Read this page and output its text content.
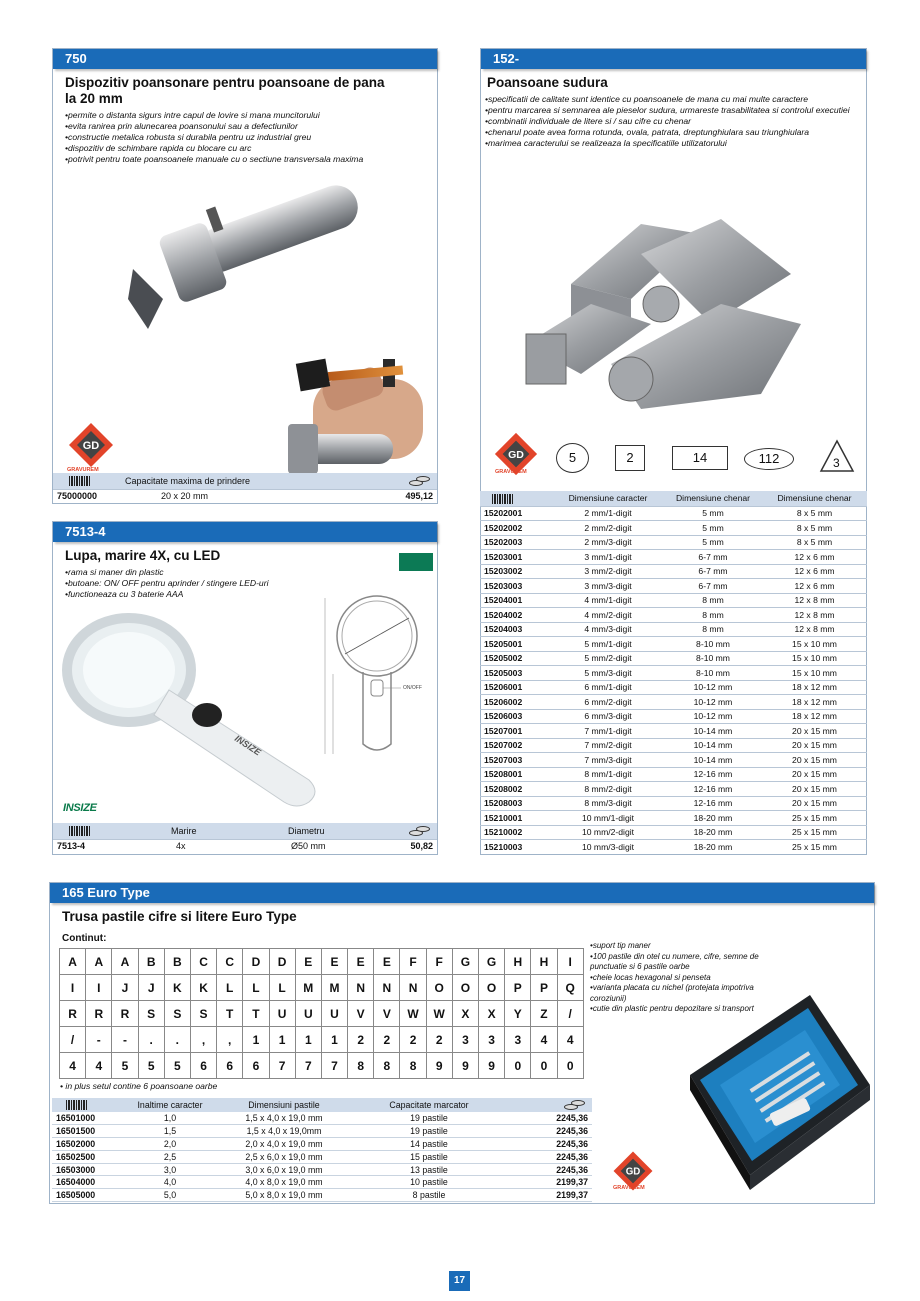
750
Dispozitiv poansonare pentru poansoane de pana la 20 mm
• permite o distanta sigurs intre capul de lovire si mana muncitorului
• evita ranirea prin alunecarea poansonului sau a defectiunilor
• constructie metalica robusta si durabila pentru uz industrial greu
• dispozitiv de schimbare rapida cu blocare cu arc
• potrivit pentru toate poansoanele manuale cu o sectiune transversala maxima
GD
GRAVUREM
Capacitate maxima de prindere
75000000	20 x 20 mm	495,12
7513-4
Lupa, marire 4X, cu LED
• rama si maner din plastic
• butoane: ON/ OFF pentru aprinder / stingere LED-uri
• functioneaza cu 3 baterie AAA
INSIZE
ON/OFF
INSIZE
Marire	Diametru
7513-4	4x	Ø50 mm	50,82
152-
Poansoane sudura
• specificatii de calitate sunt identice cu poansoanele de mana cu mai multe caractere
• pentru marcarea si semnarea ale pieselor sudura, urmareste trasabilitatea si controlul executiei
• combinatii individuale de litere si / sau cifre cu chenar
• chenarul poate avea forma rotunda, ovala, patrata, dreptunghiulara sau triunghiulara
• marimea caracterului se realizeaza la specificatiile utilizatorului
GD
GRAVUREM
5	2	14	112	3
	Dimensiune caracter	Dimensiune chenar	Dimensiune chenar
15202001	2 mm/1-digit	5 mm	8 x 5 mm
15202002	2 mm/2-digit	5 mm	8 x 5 mm
15202003	2 mm/3-digit	5 mm	8 x 5 mm
15203001	3 mm/1-digit	6-7 mm	12 x 6 mm
15203002	3 mm/2-digit	6-7 mm	12 x 6 mm
15203003	3 mm/3-digit	6-7 mm	12 x 6 mm
15204001	4 mm/1-digit	8 mm	12 x 8 mm
15204002	4 mm/2-digit	8 mm	12 x 8 mm
15204003	4 mm/3-digit	8 mm	12 x 8 mm
15205001	5 mm/1-digit	8-10 mm	15 x 10 mm
15205002	5 mm/2-digit	8-10 mm	15 x 10 mm
15205003	5 mm/3-digit	8-10 mm	15 x 10 mm
15206001	6 mm/1-digit	10-12 mm	18 x 12 mm
15206002	6 mm/2-digit	10-12 mm	18 x 12 mm
15206003	6 mm/3-digit	10-12 mm	18 x 12 mm
15207001	7 mm/1-digit	10-14 mm	20 x 15 mm
15207002	7 mm/2-digit	10-14 mm	20 x 15 mm
15207003	7 mm/3-digit	10-14 mm	20 x 15 mm
15208001	8 mm/1-digit	12-16 mm	20 x 15 mm
15208002	8 mm/2-digit	12-16 mm	20 x 15 mm
15208003	8 mm/3-digit	12-16 mm	20 x 15 mm
15210001	10 mm/1-digit	18-20 mm	25 x 15 mm
15210002	10 mm/2-digit	18-20 mm	25 x 15 mm
15210003	10 mm/3-digit	18-20 mm	25 x 15 mm
165 Euro Type
Trusa pastile cifre si litere Euro Type
Continut:
• in plus setul contine 6 poansoane oarbe
• suport tip maner
• 100 pastile din otel cu numere, cifre, semne de punctuatie si 6 pastile oarbe
• cheie locas hexagonal si penseta
• varianta placata cu nichel (protejata impotriva coroziunii)
• cutie din plastic pentru depozitare si transport
GD
GRAVUREM
A	A	A	B	B	C	C	D	D	E	E	E	E	F	F	G	G	H	H	I
I	I	J	J	K	K	L	L	L	M	M	N	N	N	O	O	O	P	P	Q
R	R	R	S	S	S	T	T	U	U	U	V	V	W	W	X	X	Y	Z	/
/	-	-	.	.	,	,	1	1	1	1	2	2	2	2	3	3	3	4	4
4	4	5	5	5	6	6	6	7	7	7	8	8	8	9	9	9	0	0	0
	Inaltime caracter	Dimensiuni pastile	Capacitate marcator	

16501000	1,0	1,5 x 4,0 x 19,0 mm	19 pastile	2245,36
16501500	1,5	1,5 x 4,0 x 19,0mm	19 pastile	2245,36
16502000	2,0	2,0 x 4,0 x 19,0 mm	14 pastile	2245,36
16502500	2,5	2,5 x 6,0 x 19,0 mm	15 pastile	2245,36
16503000	3,0	3,0 x 6,0 x 19,0 mm	13 pastile	2245,36
16504000	4,0	4,0 x 8,0 x 19,0 mm	10 pastile	2199,37
16505000	5,0	5,0 x 8,0 x 19,0 mm	8 pastile	2199,37
17
